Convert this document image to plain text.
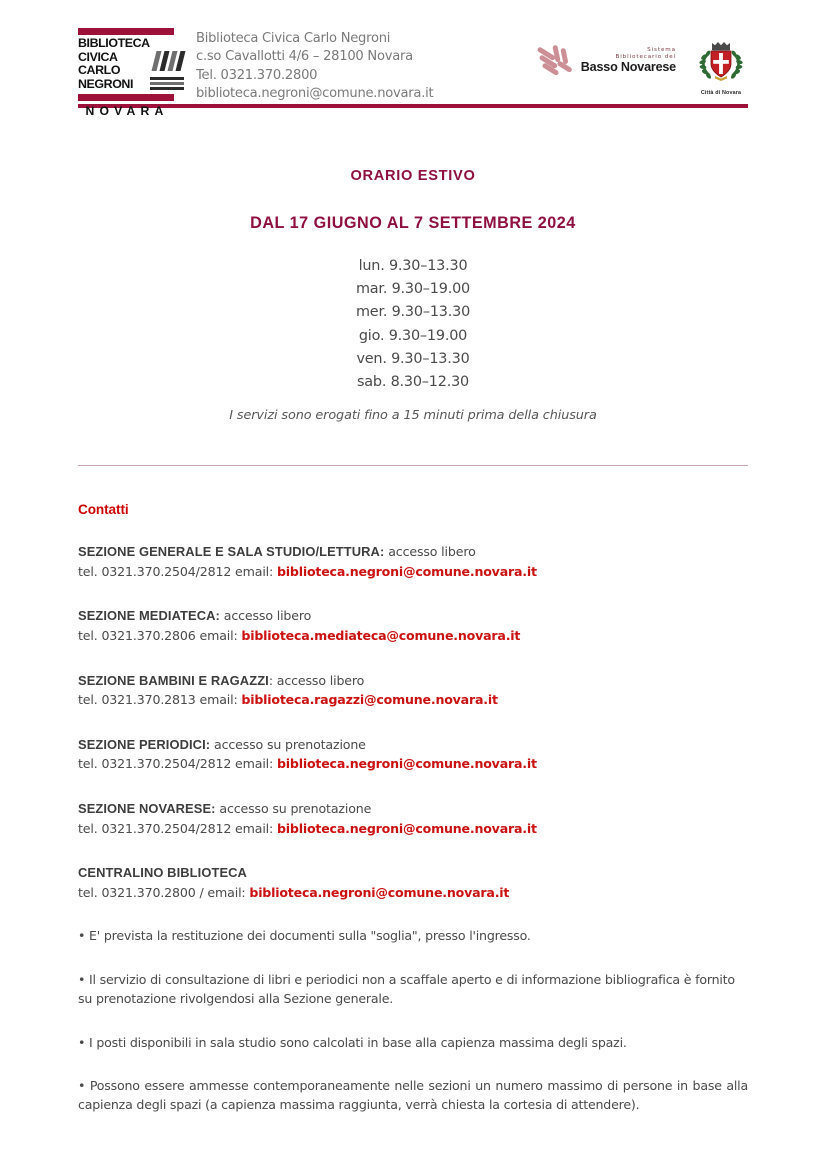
BIBLIOTECA
CIVICA
CARLO
NEGRONI
NOVARA
Biblioteca Civica Carlo Negroni
c.so Cavallotti 4/6 – 28100 Novara
Tel. 0321.370.2800
biblioteca.negroni@comune.novara.it
Sistema
Bibliotecario del
Basso Novarese
Città di Novara
ORARIO ESTIVO
DAL 17 GIUGNO AL 7 SETTEMBRE 2024
lun. 9.30–13.30
mar. 9.30–19.00
mer. 9.30–13.30
gio. 9.30–19.00
ven. 9.30–13.30
sab. 8.30–12.30
I servizi sono erogati fino a 15 minuti prima della chiusura
Contatti
SEZIONE GENERALE E SALA STUDIO/LETTURA: accesso libero
tel. 0321.370.2504/2812 email: biblioteca.negroni@comune.novara.it
SEZIONE MEDIATECA: accesso libero
tel. 0321.370.2806 email: biblioteca.mediateca@comune.novara.it
SEZIONE BAMBINI E RAGAZZI: accesso libero
tel. 0321.370.2813 email: biblioteca.ragazzi@comune.novara.it
SEZIONE PERIODICI: accesso su prenotazione
tel. 0321.370.2504/2812 email: biblioteca.negroni@comune.novara.it
SEZIONE NOVARESE: accesso su prenotazione
tel. 0321.370.2504/2812 email: biblioteca.negroni@comune.novara.it
CENTRALINO BIBLIOTECA
tel. 0321.370.2800 / email: biblioteca.negroni@comune.novara.it
• E' prevista la restituzione dei documenti sulla "soglia", presso l'ingresso.
• Il servizio di consultazione di libri e periodici non a scaffale aperto e di informazione bibliografica è fornito su prenotazione rivolgendosi alla Sezione generale.
• I posti disponibili in sala studio sono calcolati in base alla capienza massima degli spazi.
• Possono essere ammesse contemporaneamente nelle sezioni un numero massimo di persone in base alla capienza degli spazi (a capienza massima raggiunta, verrà chiesta la cortesia di attendere).
